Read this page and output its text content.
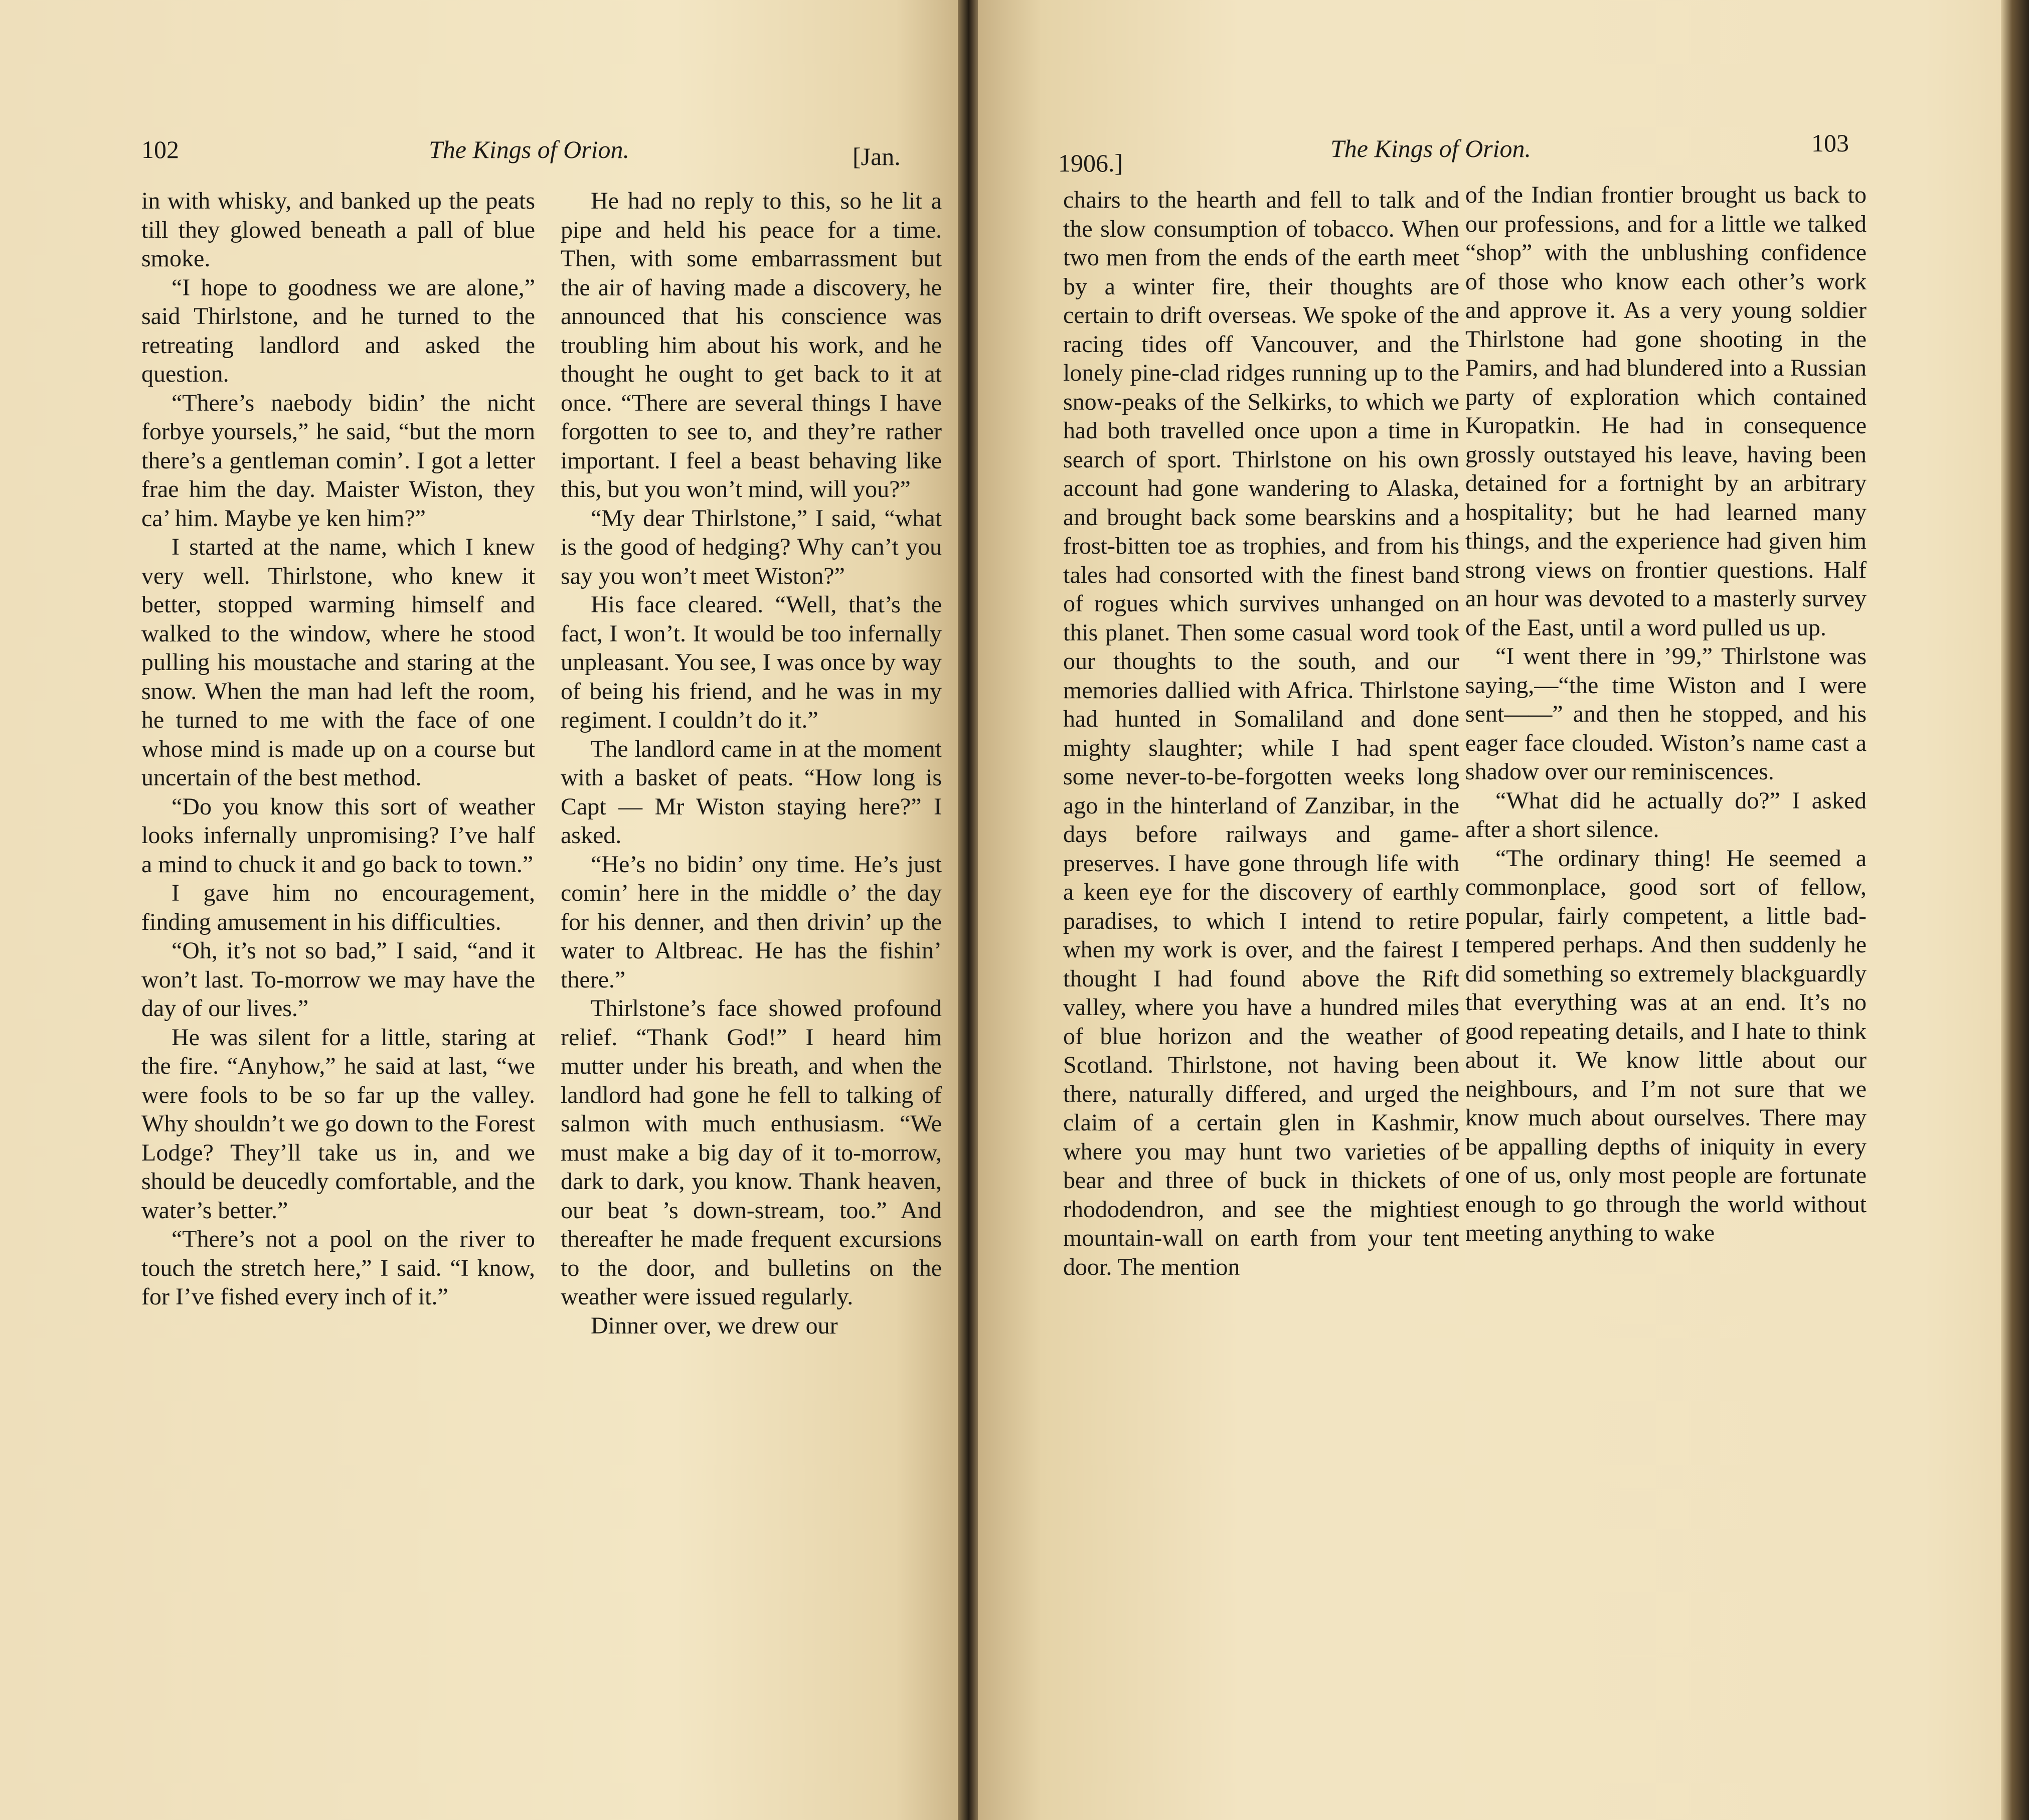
102	The Kings of Orion.	[Jan.

in with whisky, and banked up the peats till they glowed beneath a pall of blue smoke.

“I hope to goodness we are alone,” said Thirlstone, and he turned to the retreating landlord and asked the question.

“There’s naebody bidin’ the nicht forbye yoursels,” he said, “but the morn there’s a gentleman comin’. I got a letter frae him the day. Maister Wiston, they ca’ him. Maybe ye ken him?”

I started at the name, which I knew very well. Thirlstone, who knew it better, stopped warming himself and walked to the window, where he stood pulling his moustache and staring at the snow. When the man had left the room, he turned to me with the face of one whose mind is made up on a course but uncertain of the best method.

“Do you know this sort of weather looks infernally unpromising? I’ve half a mind to chuck it and go back to town.”

I gave him no encouragement, finding amusement in his difficulties.

“Oh, it’s not so bad,” I said, “and it won’t last. To-morrow we may have the day of our lives.”

He was silent for a little, staring at the fire. “Anyhow,” he said at last, “we were fools to be so far up the valley. Why shouldn’t we go down to the Forest Lodge? They’ll take us in, and we should be deucedly comfortable, and the water’s better.”

“There’s not a pool on the river to touch the stretch here,” I said. “I know, for I’ve fished every inch of it.”

He had no reply to this, so he lit a pipe and held his peace for a time. Then, with some embarrassment but the air of having made a discovery, he announced that his conscience was troubling him about his work, and he thought he ought to get back to it at once. “There are several things I have forgotten to see to, and they’re rather important. I feel a beast behaving like this, but you won’t mind, will you?”

“My dear Thirlstone,” I said, “what is the good of hedging? Why can’t you say you won’t meet Wiston?”

His face cleared. “Well, that’s the fact, I won’t. It would be too infernally unpleasant. You see, I was once by way of being his friend, and he was in my regiment. I couldn’t do it.”

The landlord came in at the moment with a basket of peats. “How long is Capt — Mr Wiston staying here?” I asked.

“He’s no bidin’ ony time. He’s just comin’ here in the middle o’ the day for his denner, and then drivin’ up the water to Altbreac. He has the fishin’ there.”

Thirlstone’s face showed profound relief. “Thank God!” I heard him mutter under his breath, and when the landlord had gone he fell to talking of salmon with much enthusiasm. “We must make a big day of it to-morrow, dark to dark, you know. Thank heaven, our beat ’s down-stream, too.” And thereafter he made frequent excursions to the door, and bulletins on the weather were issued regularly.

Dinner over, we drew our

1906.]
The Kings of Orion.	103

chairs to the hearth and fell to talk and the slow consumption of tobacco. When two men from the ends of the earth meet by a winter fire, their thoughts are certain to drift overseas. We spoke of the racing tides off Vancouver, and the lonely pine-clad ridges running up to the snow-peaks of the Selkirks, to which we had both travelled once upon a time in search of sport. Thirlstone on his own account had gone wandering to Alaska, and brought back some bearskins and a frost-bitten toe as trophies, and from his tales had consorted with the finest band of rogues which survives unhanged on this planet. Then some casual word took our thoughts to the south, and our memories dallied with Africa. Thirlstone had hunted in Somaliland and done mighty slaughter; while I had spent some never-to-be-forgotten weeks long ago in the hinterland of Zanzibar, in the days before railways and game-preserves. I have gone through life with a keen eye for the discovery of earthly paradises, to which I intend to retire when my work is over, and the fairest I thought I had found above the Rift valley, where you have a hundred miles of blue horizon and the weather of Scotland. Thirlstone, not having been there, naturally differed, and urged the claim of a certain glen in Kashmir, where you may hunt two varieties of bear and three of buck in thickets of rhododendron, and see the mightiest mountain-wall on earth from your tent door. The mention

of the Indian frontier brought us back to our professions, and for a little we talked “shop” with the unblushing confidence of those who know each other’s work and approve it. As a very young soldier Thirlstone had gone shooting in the Pamirs, and had blundered into a Russian party of exploration which contained Kuropatkin. He had in consequence grossly outstayed his leave, having been detained for a fortnight by an arbitrary hospitality; but he had learned many things, and the experience had given him strong views on frontier questions. Half an hour was devoted to a masterly survey of the East, until a word pulled us up.

“I went there in ’99,” Thirlstone was saying,—“the time Wiston and I were sent——” and then he stopped, and his eager face clouded. Wiston’s name cast a shadow over our reminiscences.

“What did he actually do?” I asked after a short silence.

“The ordinary thing! He seemed a commonplace, good sort of fellow, popular, fairly competent, a little bad-tempered perhaps. And then suddenly he did something so extremely blackguardly that everything was at an end. It’s no good repeating details, and I hate to think about it. We know little about our neighbours, and I’m not sure that we know much about ourselves. There may be appalling depths of iniquity in every one of us, only most people are fortunate enough to go through the world without meeting anything to wake
